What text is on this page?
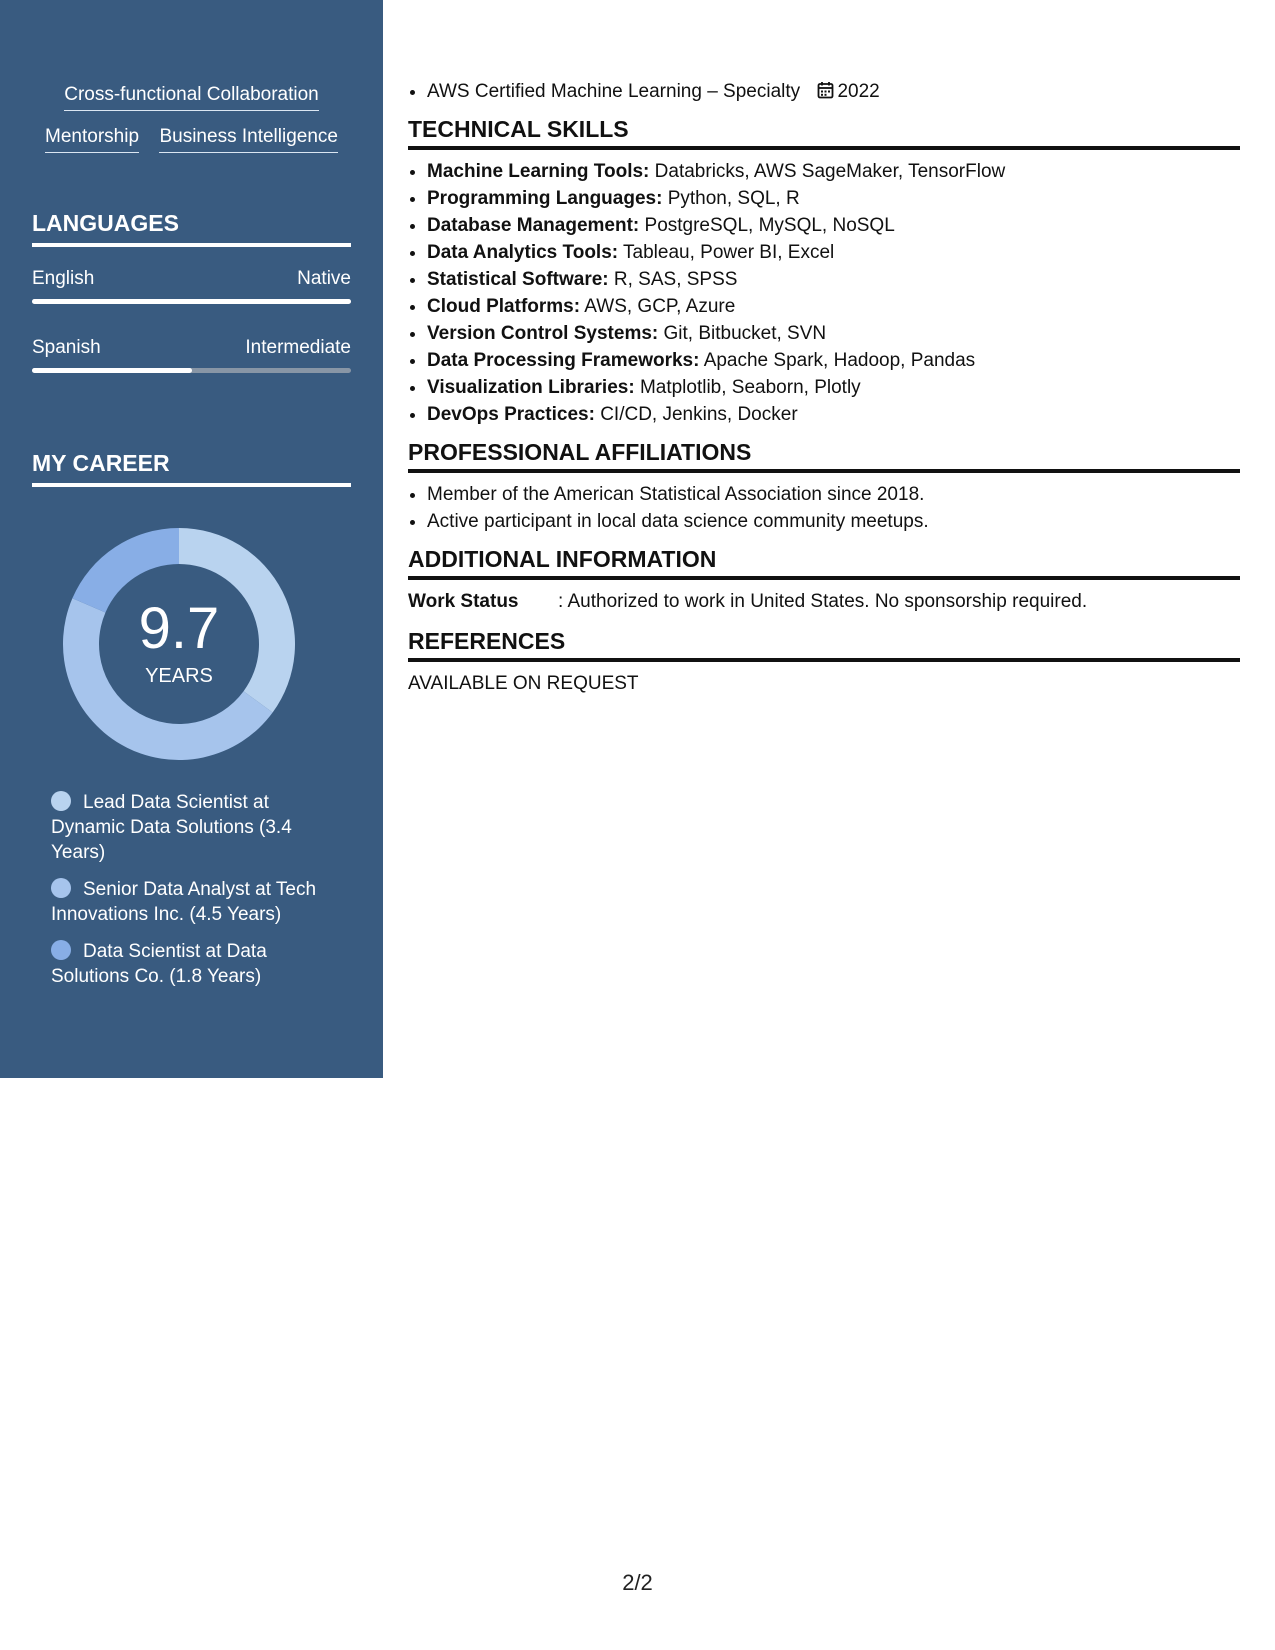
Cross-functional Collaboration
Mentorship Business Intelligence
LANGUAGES
English	Native
Spanish	Intermediate
MY CAREER
9.7
YEARS
Lead Data Scientist at Dynamic Data Solutions (3.4 Years)
Senior Data Analyst at Tech Innovations Inc. (4.5 Years)
Data Scientist at Data Solutions Co. (1.8 Years)
• AWS Certified Machine Learning – Specialty 2022
TECHNICAL SKILLS
• Machine Learning Tools: Databricks, AWS SageMaker, TensorFlow
• Programming Languages: Python, SQL, R
• Database Management: PostgreSQL, MySQL, NoSQL
• Data Analytics Tools: Tableau, Power BI, Excel
• Statistical Software: R, SAS, SPSS
• Cloud Platforms: AWS, GCP, Azure
• Version Control Systems: Git, Bitbucket, SVN
• Data Processing Frameworks: Apache Spark, Hadoop, Pandas
• Visualization Libraries: Matplotlib, Seaborn, Plotly
• DevOps Practices: CI/CD, Jenkins, Docker
PROFESSIONAL AFFILIATIONS
• Member of the American Statistical Association since 2018.
• Active participant in local data science community meetups.
ADDITIONAL INFORMATION
Work Status	: Authorized to work in United States. No sponsorship required.
REFERENCES
AVAILABLE ON REQUEST
2/2
